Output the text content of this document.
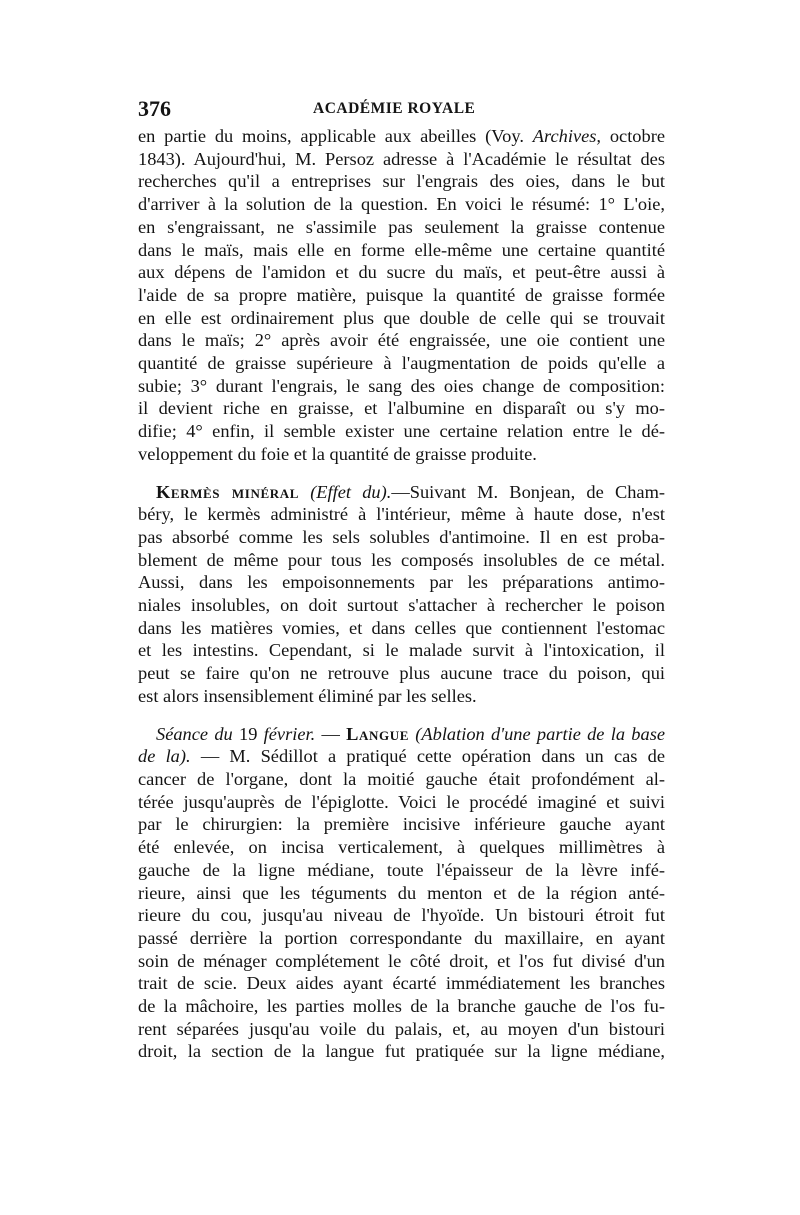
376	ACADÉMIE ROYALE

en partie du moins, applicable aux abeilles (Voy. Archives, octobre
1843). Aujourd'hui, M. Persoz adresse à l'Académie le résultat des
recherches qu'il a entreprises sur l'engrais des oies, dans le but
d'arriver à la solution de la question. En voici le résumé: 1° L'oie,
en s'engraissant, ne s'assimile pas seulement la graisse contenue
dans le maïs, mais elle en forme elle-même une certaine quantité
aux dépens de l'amidon et du sucre du maïs, et peut-être aussi à
l'aide de sa propre matière, puisque la quantité de graisse formée
en elle est ordinairement plus que double de celle qui se trouvait
dans le maïs; 2° après avoir été engraissée, une oie contient une
quantité de graisse supérieure à l'augmentation de poids qu'elle a
subie; 3° durant l'engrais, le sang des oies change de composition:
il devient riche en graisse, et l'albumine en disparaît ou s'y mo-
difie; 4° enfin, il semble exister une certaine relation entre le dé-
veloppement du foie et la quantité de graisse produite.

Kermès minéral (Effet du).—Suivant M. Bonjean, de Cham-
béry, le kermès administré à l'intérieur, même à haute dose, n'est
pas absorbé comme les sels solubles d'antimoine. Il en est proba-
blement de même pour tous les composés insolubles de ce métal.
Aussi, dans les empoisonnements par les préparations antimo-
niales insolubles, on doit surtout s'attacher à rechercher le poison
dans les matières vomies, et dans celles que contiennent l'estomac
et les intestins. Cependant, si le malade survit à l'intoxication, il
peut se faire qu'on ne retrouve plus aucune trace du poison, qui
est alors insensiblement éliminé par les selles.

Séance du 19 février. — Langue (Ablation d'une partie de la base
de la). — M. Sédillot a pratiqué cette opération dans un cas de
cancer de l'organe, dont la moitié gauche était profondément al-
térée jusqu'auprès de l'épiglotte. Voici le procédé imaginé et suivi
par le chirurgien: la première incisive inférieure gauche ayant
été enlevée, on incisa verticalement, à quelques millimètres à
gauche de la ligne médiane, toute l'épaisseur de la lèvre infé-
rieure, ainsi que les téguments du menton et de la région anté-
rieure du cou, jusqu'au niveau de l'hyoïde. Un bistouri étroit fut
passé derrière la portion correspondante du maxillaire, en ayant
soin de ménager complétement le côté droit, et l'os fut divisé d'un
trait de scie. Deux aides ayant écarté immédiatement les branches
de la mâchoire, les parties molles de la branche gauche de l'os fu-
rent séparées jusqu'au voile du palais, et, au moyen d'un bistouri
droit, la section de la langue fut pratiquée sur la ligne médiane,
